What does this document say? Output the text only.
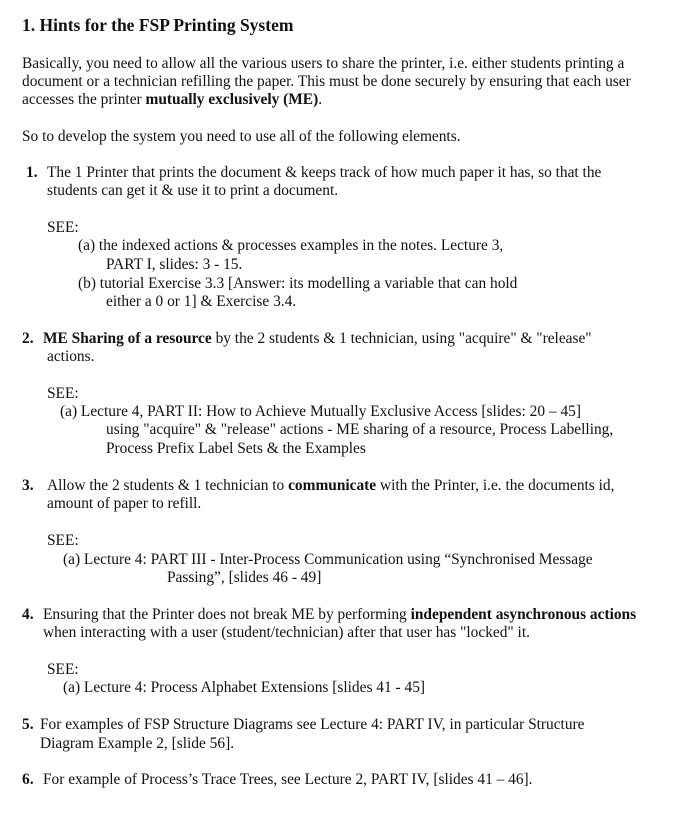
1. Hints for the FSP Printing System
Basically, you need to allow all the various users to share the printer, i.e. either students printing a
document or a technician refilling the paper. This must be done securely by ensuring that each user
accesses the printer mutually exclusively (ME).
So to develop the system you need to use all of the following elements.
1. The 1 Printer that prints the document & keeps track of how much paper it has, so that the
students can get it & use it to print a document.
SEE:
(a) the indexed actions & processes examples in the notes. Lecture 3,
PART I, slides: 3 - 15.
(b) tutorial Exercise 3.3 [Answer: its modelling a variable that can hold
either a 0 or 1] & Exercise 3.4.
2. ME Sharing of a resource by the 2 students & 1 technician, using "acquire" & "release"
actions.
SEE:
(a) Lecture 4, PART II: How to Achieve Mutually Exclusive Access [slides: 20 – 45]
using "acquire" & "release" actions - ME sharing of a resource, Process Labelling,
Process Prefix Label Sets & the Examples
3. Allow the 2 students & 1 technician to communicate with the Printer, i.e. the documents id,
amount of paper to refill.
SEE:
(a) Lecture 4: PART III - Inter-Process Communication using “Synchronised Message
Passing”, [slides 46 - 49]
4. Ensuring that the Printer does not break ME by performing independent asynchronous actions
when interacting with a user (student/technician) after that user has "locked" it.
SEE:
(a) Lecture 4: Process Alphabet Extensions [slides 41 - 45]
5. For examples of FSP Structure Diagrams see Lecture 4: PART IV, in particular Structure
Diagram Example 2, [slide 56].
6. For example of Process’s Trace Trees, see Lecture 2, PART IV, [slides 41 – 46].
